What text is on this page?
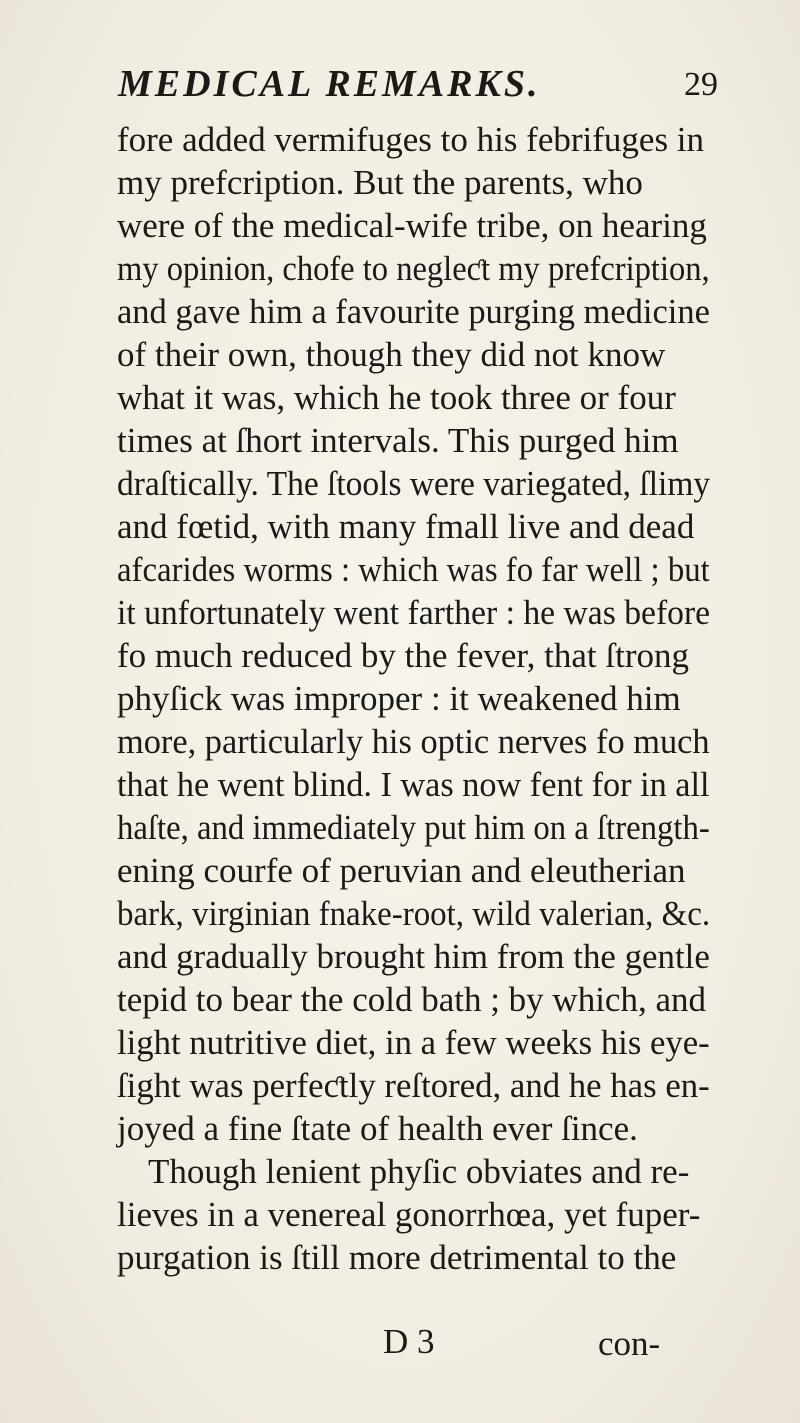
MEDICAL REMARKS.	29
fore added vermifuges to his febrifuges in
my prefcription. But the parents, who
were of the medical-wife tribe, on hearing
my opinion, chofe to negleƈt my prefcription,
and gave him a favourite purging medicine
of their own, though they did not know
what it was, which he took three or four
times at ſhort intervals. This purged him
draſtically. The ſtools were variegated, ſlimy
and fœtid, with many fmall live and dead
afcarides worms : which was fo far well ; but
it unfortunately went farther : he was before
fo much reduced by the fever, that ſtrong
phyſick was improper : it weakened him
more, particularly his optic nerves fo much
that he went blind. I was now fent for in all
haſte, and immediately put him on a ſtrength-
ening courfe of peruvian and eleutherian
bark, virginian fnake-root, wild valerian, &c.
and gradually brought him from the gentle
tepid to bear the cold bath ; by which, and
light nutritive diet, in a few weeks his eye-
ſight was perfeƈtly reſtored, and he has en-
joyed a fine ſtate of health ever ſince.
Though lenient phyſic obviates and re-
lieves in a venereal gonorrhœa, yet fuper-
purgation is ſtill more detrimental to the
D 3	con-
